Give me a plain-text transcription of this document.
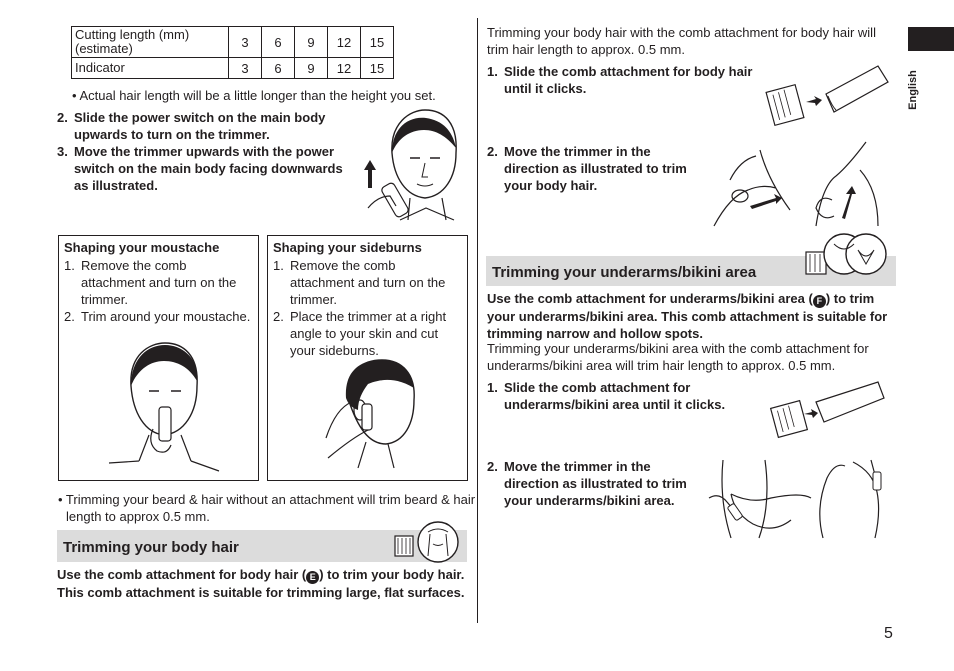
Cutting length (mm) (estimate)	3	6	9	12	15
Indicator	3	6	9	12	15
• Actual hair length will be a little longer than the height you set.
2. Slide the power switch on the main body upwards to turn on the trimmer.
3. Move the trimmer upwards with the power switch on the main body facing downwards as illustrated.
Shaping your moustache
1. Remove the comb attachment and turn on the trimmer.
2. Trim around your moustache.
Shaping your sideburns
1. Remove the comb attachment and turn on the trimmer.
2. Place the trimmer at a right angle to your skin and cut your sideburns.
• Trimming your beard & hair without an attachment will trim beard & hair length to approx 0.5 mm.
Trimming your body hair
Use the comb attachment for body hair ( E ) to trim your body hair. This comb attachment is suitable for trimming large, flat surfaces.
Trimming your body hair with the comb attachment for body hair will trim hair length to approx. 0.5 mm.
1. Slide the comb attachment for body hair until it clicks.
2. Move the trimmer in the direction as illustrated to trim your body hair.
Trimming your underarms/bikini area
Use the comb attachment for underarms/bikini area ( F ) to trim your underarms/bikini area. This comb attachment is suitable for trimming narrow and hollow spots.
Trimming your underarms/bikini area with the comb attachment for underarms/bikini area will trim hair length to approx. 0.5 mm.
1. Slide the comb attachment for underarms/bikini area until it clicks.
2. Move the trimmer in the direction as illustrated to trim your underarms/bikini area.
English
5
